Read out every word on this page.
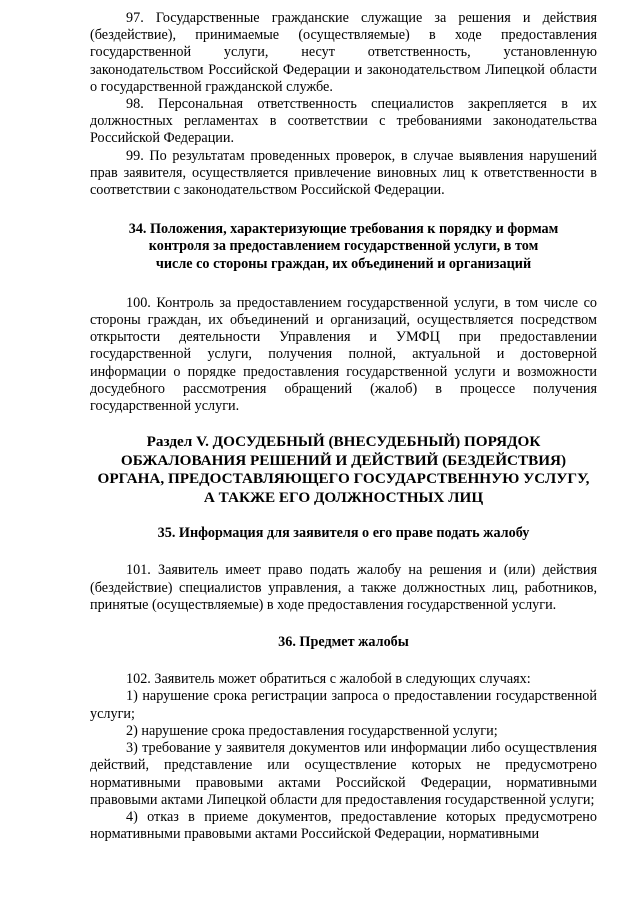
97. Государственные гражданские служащие за решения и действия (бездействие), принимаемые (осуществляемые) в ходе предоставления государственной услуги, несут ответственность, установленную законодательством Российской Федерации и законодательством Липецкой области о государственной гражданской службе.

98. Персональная ответственность специалистов закрепляется в их должностных регламентах в соответствии с требованиями законодательства Российской Федерации.

99. По результатам проведенных проверок, в случае выявления нарушений прав заявителя, осуществляется привлечение виновных лиц к ответственности в соответствии с законодательством Российской Федерации.

34. Положения, характеризующие требования к порядку и формам

контроля за предоставлением государственной услуги, в том

числе со стороны граждан, их объединений и организаций

100. Контроль за предоставлением государственной услуги, в том числе со стороны граждан, их объединений и организаций, осуществляется посредством открытости деятельности Управления и УМФЦ при предоставлении государственной услуги, получения полной, актуальной и достоверной информации о порядке предоставления государственной услуги и возможности досудебного рассмотрения обращений (жалоб) в процессе получения государственной услуги.

Раздел V. ДОСУДЕБНЫЙ (ВНЕСУДЕБНЫЙ) ПОРЯДОК

ОБЖАЛОВАНИЯ РЕШЕНИЙ И ДЕЙСТВИЙ (БЕЗДЕЙСТВИЯ)

ОРГАНА, ПРЕДОСТАВЛЯЮЩЕГО ГОСУДАРСТВЕННУЮ УСЛУГУ,

А ТАКЖЕ ЕГО ДОЛЖНОСТНЫХ ЛИЦ

35. Информация для заявителя о его праве подать жалобу

101. Заявитель имеет право подать жалобу на решения и (или) действия (бездействие) специалистов управления, а также должностных лиц, работников, принятые (осуществляемые) в ходе предоставления государственной услуги.

36. Предмет жалобы

102. Заявитель может обратиться с жалобой в следующих случаях:

1) нарушение срока регистрации запроса о предоставлении государственной услуги;

2) нарушение срока предоставления государственной услуги;

3) требование у заявителя документов или информации либо осуществления действий, представление или осуществление которых не предусмотрено нормативными правовыми актами Российской Федерации, нормативными правовыми актами Липецкой области для предоставления государственной услуги;

4) отказ в приеме документов, предоставление которых предусмотрено нормативными правовыми актами Российской Федерации, нормативными
